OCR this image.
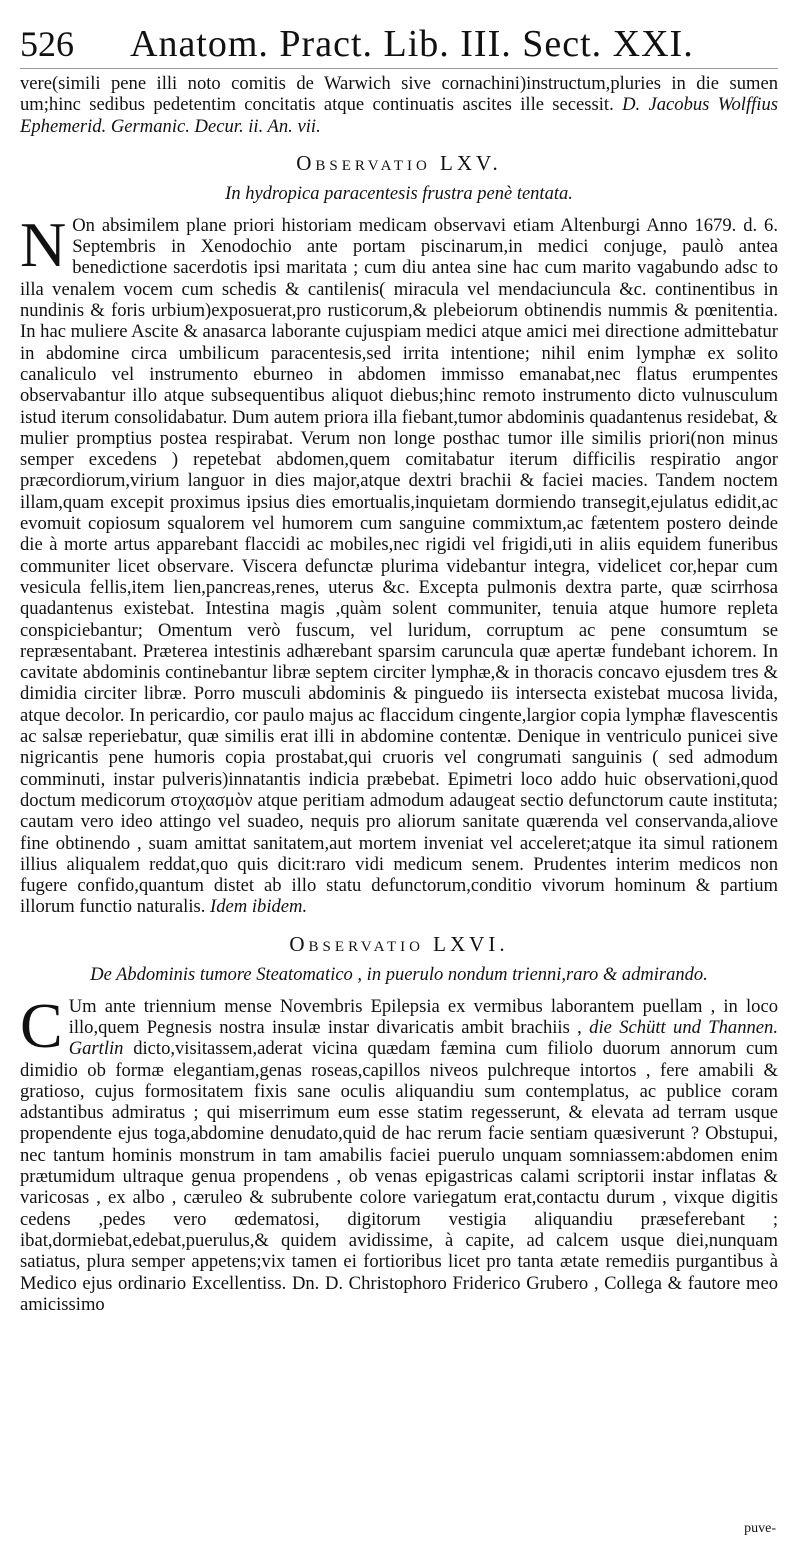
526	Anatom. Pract. Lib. III. Sect. XXI.

vere(simili pene illi noto comitis de Warwich sive cornachini)instructum,pluries in die sumen um;hinc sedibus pedetentim concitatis atque continuatis ascites ille secessit. D. Jacobus Wolffius Ephemerid. Germanic. Decur. ii. An. vii.

Observatio LXV.
In hydropica paracentesis frustra penè tentata.

N On absimilem plane priori historiam medicam observavi etiam Altenburgi Anno 1679. d. 6. Septembris in Xenodochio ante portam piscinarum,in medici conjuge, paulò antea benedictione sacerdotis ipsi maritata ; cum diu antea sine hac cum marito vagabundo adsc to illa venalem vocem cum schedis & cantilenis( miracula vel mendaciuncula &c. continentibus in nundinis & foris urbium)exposuerat,pro rusticorum,& plebeiorum obtinendis nummis & pœnitentia. In hac muliere Ascite & anasarca laborante cujuspiam medici atque amici mei directione admittebatur in abdomine circa umbilicum paracentesis,sed irrita intentione; nihil enim lymphæ ex solito canaliculo vel instrumento eburneo in abdomen immisso emanabat,nec flatus erumpentes observabantur illo atque subsequentibus aliquot diebus;hinc remoto instrumento dicto vulnusculum istud iterum consolidabatur. Dum autem priora illa fiebant,tumor abdominis quadantenus residebat, & mulier promptius postea respirabat. Verum non longe posthac tumor ille similis priori(non minus semper excedens ) repetebat abdomen,quem comitabatur iterum difficilis respiratio angor præcordiorum,virium languor in dies major,atque dextri brachii & faciei macies. Tandem noctem illam,quam excepit proximus ipsius dies emortualis,inquietam dormiendo transegit,ejulatus edidit,ac evomuit copiosum squalorem vel humorem cum sanguine commixtum,ac fætentem postero deinde die à morte artus apparebant flaccidi ac mobiles,nec rigidi vel frigidi,uti in aliis equidem funeribus communiter licet observare. Viscera defunctæ plurima videbantur integra, videlicet cor,hepar cum vesicula fellis,item lien,pancreas,renes, uterus &c. Excepta pulmonis dextra parte, quæ scirrhosa quadantenus existebat. Intestina magis ,quàm solent communiter, tenuia atque humore repleta conspiciebantur; Omentum verò fuscum, vel luridum, corruptum ac pene consumtum se repræsentabant. Præterea intestinis adhærebant sparsim caruncula quæ apertæ fundebant ichorem. In cavitate abdominis continebantur libræ septem circiter lymphæ,& in thoracis concavo ejusdem tres & dimidia circiter libræ. Porro musculi abdominis & pinguedo iis intersecta existebat mucosa livida, atque decolor. In pericardio, cor paulo majus ac flaccidum cingente,largior copia lymphæ flavescentis ac salsæ reperiebatur, quæ similis erat illi in abdomine contentæ. Denique in ventriculo punicei sive nigricantis pene humoris copia prostabat,qui cruoris vel congrumati sanguinis ( sed admodum comminuti, instar pulveris)innatantis indicia præbebat. Epimetri loco addo huic observationi,quod doctum medicorum στοχασμὸν atque peritiam admodum adaugeat sectio defunctorum caute instituta; cautam vero ideo attingo vel suadeo, nequis pro aliorum sanitate quærenda vel conservanda,aliove fine obtinendo , suam amittat sanitatem,aut mortem inveniat vel acceleret;atque ita simul rationem illius aliqualem reddat,quo quis dicit:raro vidi medicum senem. Prudentes interim medicos non fugere confido,quantum distet ab illo statu defunctorum,conditio vivorum hominum & partium illorum functio naturalis. Idem ibidem.

Observatio LXVI.
De Abdominis tumore Steatomatico , in puerulo nondum trienni,raro & admirando.

C Um ante triennium mense Novembris Epilepsia ex vermibus laborantem puellam , in loco illo,quem Pegnesis nostra insulæ instar divaricatis ambit brachiis , die Schütt und Thannen. Gartlin dicto,visitassem,aderat vicina quædam fæmina cum filiolo duorum annorum cum dimidio ob formæ elegantiam,genas roseas,capillos niveos pulchreque intortos , fere amabili & gratioso, cujus formositatem fixis sane oculis aliquandiu sum contemplatus, ac publice coram adstantibus admiratus ; qui miserrimum eum esse statim regesserunt, & elevata ad terram usque propendente ejus toga,abdomine denudato,quid de hac rerum facie sentiam quæsiverunt ? Obstupui, nec tantum hominis monstrum in tam amabilis faciei puerulo unquam somniassem:abdomen enim prætumidum ultraque genua propendens , ob venas epigastricas calami scriptorii instar inflatas & varicosas , ex albo , cæruleo & subrubente colore variegatum erat,contactu durum , vixque digitis cedens ,pedes vero œdematosi, digitorum vestigia aliquandiu præseferebant ; ibat,dormiebat,edebat,puerulus,& quidem avidissime, à capite, ad calcem usque diei,nunquam satiatus, plura semper appetens;vix tamen ei fortioribus licet pro tanta ætate remediis purgantibus à Medico ejus ordinario Excellentiss. Dn. D. Christophoro Friderico Grubero , Collega & fautore meo amicissimo

puve-
